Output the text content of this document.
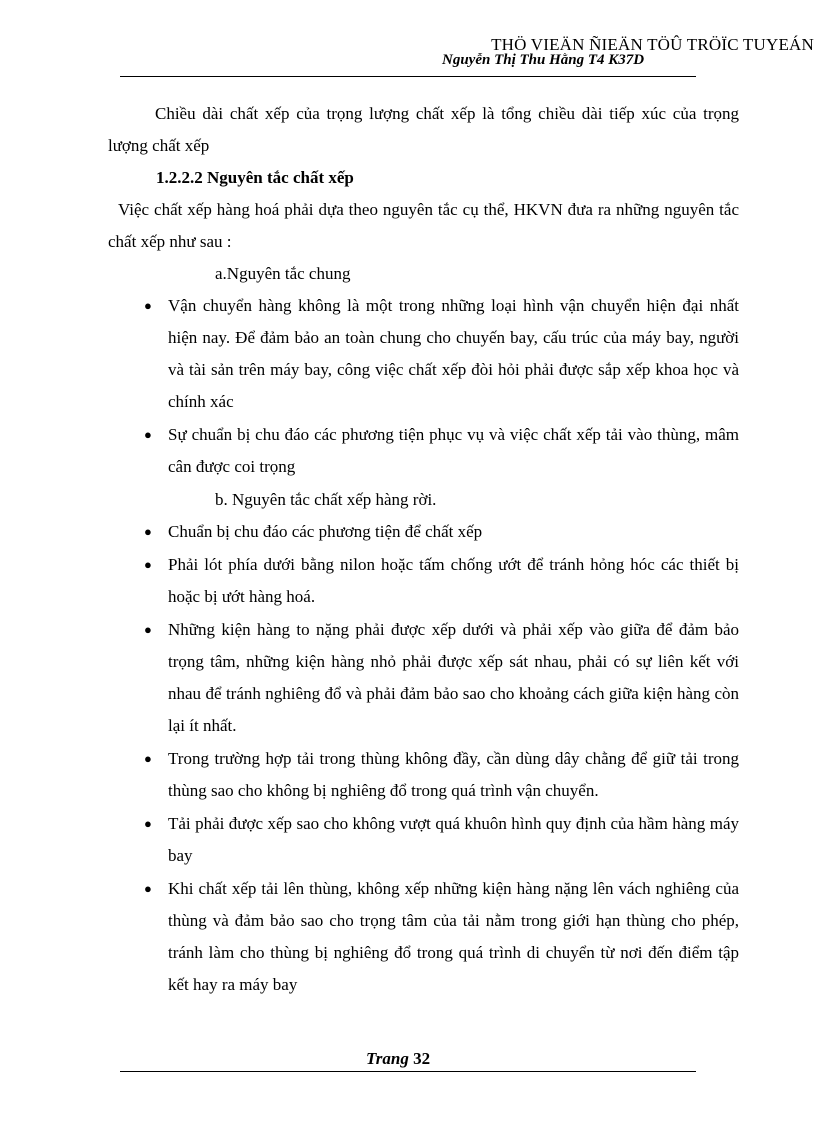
THÖ VIEÄN ÑIEÄN TÖÛ TRÖÏC TUYEÁN
Nguyễn Thị Thu Hằng T4 K37D

Chiều dài chất xếp của trọng lượng chất xếp là tổng chiều dài tiếp xúc của trọng lượng chất xếp

1.2.2.2 Nguyên tắc chất xếp

Việc chất xếp hàng hoá phải dựa theo nguyên tắc cụ thể, HKVN đưa ra những nguyên tắc chất xếp như sau :

a.Nguyên tắc chung

● Vận chuyển hàng không là một trong những loại hình vận chuyển hiện đại nhất hiện nay. Để đảm bảo an toàn chung cho chuyến bay, cấu trúc của máy bay, người và tài sản trên máy bay, công việc chất xếp đòi hỏi phải được sắp xếp khoa học và chính xác
● Sự chuẩn bị chu đáo các phương tiện phục vụ và việc chất xếp tải vào thùng, mâm cân được coi trọng

b. Nguyên tắc chất xếp hàng rời.

● Chuẩn bị chu đáo các phương tiện để chất xếp
● Phải lót phía dưới bằng nilon hoặc tấm chống ướt để tránh hỏng hóc các thiết bị hoặc bị ướt hàng hoá.
● Những kiện hàng to nặng phải được xếp dưới và phải xếp vào giữa để đảm bảo trọng tâm, những kiện hàng nhỏ phải được xếp sát nhau, phải có sự liên kết với nhau để tránh nghiêng đổ và phải đảm bảo sao cho khoảng cách giữa kiện hàng còn lại ít nhất.
● Trong trường hợp tải trong thùng không đầy, cần dùng dây chằng để giữ tải trong thùng sao cho không bị nghiêng đổ trong quá trình vận chuyển.
● Tải phải được xếp sao cho không vượt quá khuôn hình quy định của hầm hàng máy bay
● Khi chất xếp tải lên thùng, không xếp những kiện hàng nặng lên vách nghiêng của thùng và đảm bảo sao cho trọng tâm của tải nằm trong giới hạn thùng cho phép, tránh làm cho thùng bị nghiêng đổ trong quá trình di chuyển từ nơi đến điểm tập kết hay ra máy bay
Trang 32
